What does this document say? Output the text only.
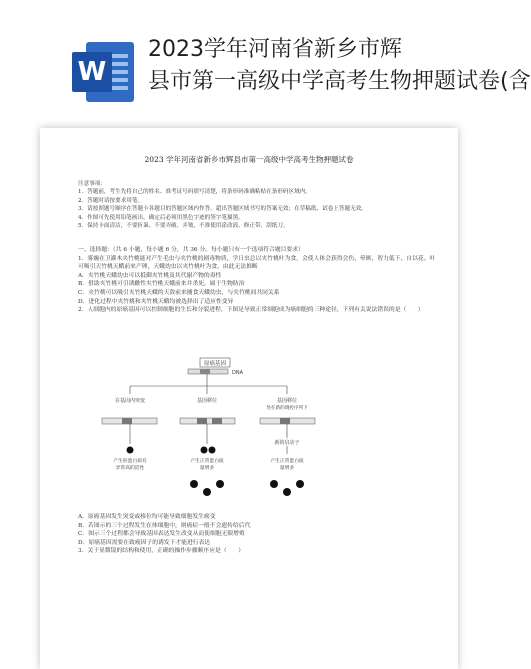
W
2023学年河南省新乡市辉
县市第一高级中学高考生物押题试卷(含
2023 学年河南省新乡市辉县市第一高级中学高考生物押题试卷

注意事项：

1．答题前，考生先将自己的姓名、准考证号码填写清楚，将条形码准确粘贴在条形码区域内。

2．答题时请按要求用笔。

3．请按照题号顺序在答题卡各题目的答题区域内作答，超出答题区域书写的答案无效；在草稿纸、试卷上答题无效。

4．作图可先使用铅笔画出，确定后必须用黑色字迹的签字笔描黑。

5．保持卡面清洁，不要折暴、不要弄破、弄皱，不准使用涂改液、修正带、刮纸刀。

一、选择题：（共 6 小题，每小题 6 分，共 36 分。每小题只有一个选项符合题目要求）

1．雾霾在卫灌木夹竹桃能对产生毛虫与夹竹桃的剧毒物质，学日虫总以夹竹桃叶为食，会使人体会获得会伤、晕厥、智力低下、自以花、叶可吸引天竹桃天蛾前来产卵，天蛾幼虫以夹竹桃叶为食，由此无法推断

A．夹竹桃天蛾幼虫可以抵御夹竹桃及其代谢产物的毒性

B．借助夹竹桃可引诱雌性夹竹桃天蛾前来并杀死，属于生物防治

C．夹竹桃可以吸引夹竹桃天蛾的天敌前来捕食天蛾幼虫，与夹竹桃间共同关系

D．进化过程中夹竹桃和夹竹桃天蛾均被选择出了适应性变异

2．人细胞内的原癌基因可以控制细胞的生长和分裂进程，下图是导致正常细胞成为癌细胞的三种途径，下列有关说法错误的是（　　）

原癌基因
DNA
在基因内突变	基因移位	基因移位
处在新的调控序列下
新的启动子
产生的蛋白质有
异常高的活性
产生正常蛋白质
量增多
产生正常蛋白质
量增多

A．原癌基因发生突变或移位均可能导致细胞发生癌变

B．若图示的三个过程发生在体细胞中，则癌症一般不会遗传给后代

C．图示三个过程都会导致基因表达发生改变从而使细胞无限增殖

D．原癌基因需要在致癌因子的诱发下才能进行表达

3．关于显微镜的结构和使用，正确的操作步骤顺序应是（　　）
